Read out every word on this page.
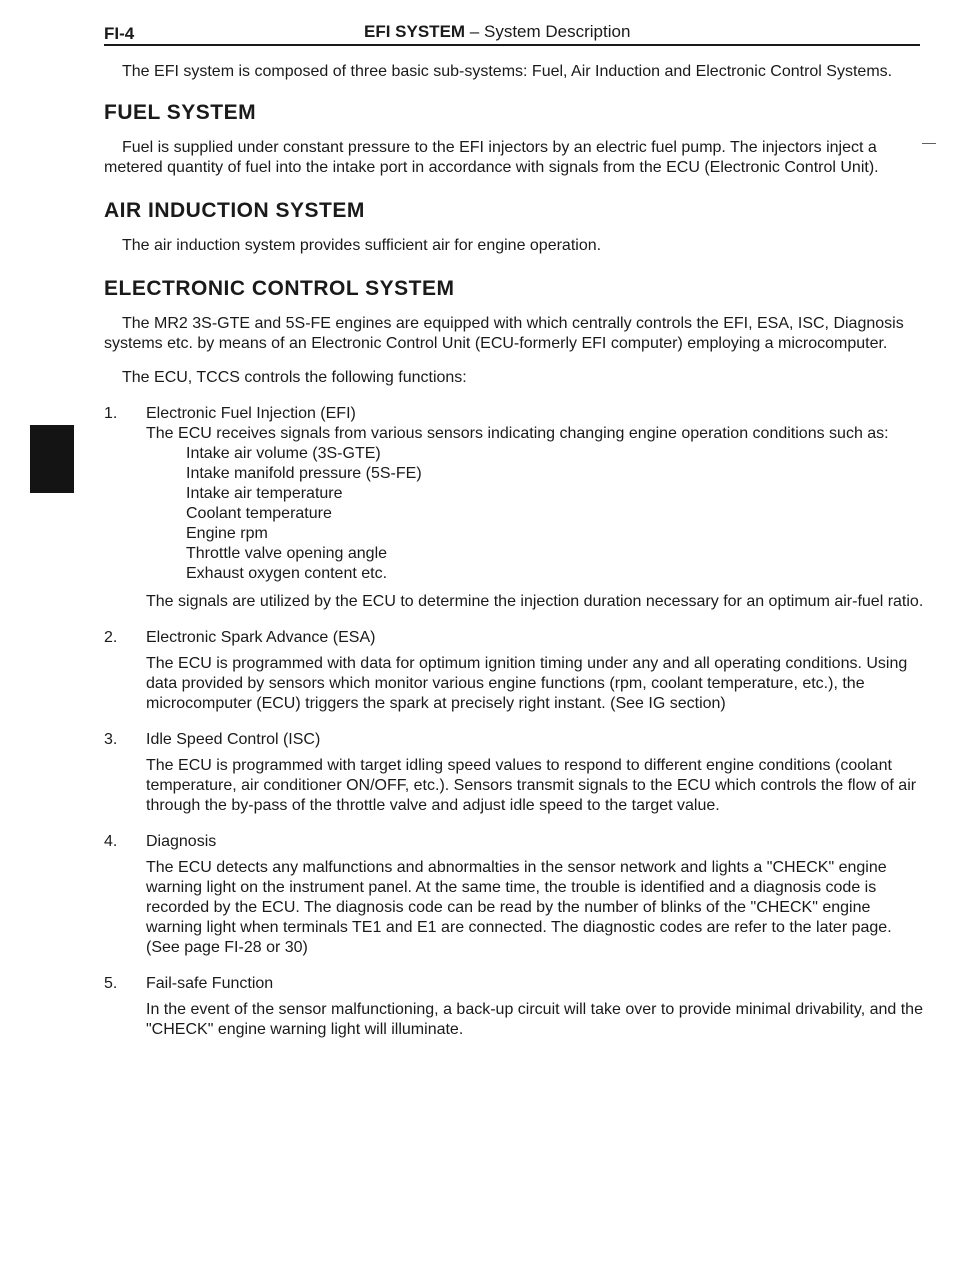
FI-4	EFI SYSTEM – System Description
—

The EFI system is composed of three basic sub-systems: Fuel, Air Induction and Electronic Control Systems.

FUEL SYSTEM

Fuel is supplied under constant pressure to the EFI injectors by an electric fuel pump. The injectors inject a metered quantity of fuel into the intake port in accordance with signals from the ECU (Electronic Control Unit).

AIR INDUCTION SYSTEM

The air induction system provides sufficient air for engine operation.

ELECTRONIC CONTROL SYSTEM

The MR2 3S-GTE and 5S-FE engines are equipped with which centrally controls the EFI, ESA, ISC, Diagnosis systems etc. by means of an Electronic Control Unit (ECU-formerly EFI computer) employing a microcomputer.

The ECU, TCCS controls the following functions:

1.	Electronic Fuel Injection (EFI)

The ECU receives signals from various sensors indicating changing engine operation conditions such as:

Intake air volume (3S-GTE)
Intake manifold pressure (5S-FE)
Intake air temperature
Coolant temperature
Engine rpm
Throttle valve opening angle
Exhaust oxygen content etc.

The signals are utilized by the ECU to determine the injection duration necessary for an optimum air-fuel ratio.

2.	Electronic Spark Advance (ESA)

The ECU is programmed with data for optimum ignition timing under any and all operating conditions. Using data provided by sensors which monitor various engine functions (rpm, coolant temperature, etc.), the microcomputer (ECU) triggers the spark at precisely right instant. (See IG section)

3.	Idle Speed Control (ISC)

The ECU is programmed with target idling speed values to respond to different engine conditions (coolant temperature, air conditioner ON/OFF, etc.). Sensors transmit signals to the ECU which controls the flow of air through the by-pass of the throttle valve and adjust idle speed to the target value.

4.	Diagnosis

The ECU detects any malfunctions and abnormalties in the sensor network and lights a "CHECK" engine warning light on the instrument panel. At the same time, the trouble is identified and a diagnosis code is recorded by the ECU. The diagnosis code can be read by the number of blinks of the "CHECK" engine warning light when terminals TE1 and E1 are connected. The diagnostic codes are refer to the later page. (See page FI-28 or 30)

5.	Fail-safe Function

In the event of the sensor malfunctioning, a back-up circuit will take over to provide minimal drivability, and the "CHECK" engine warning light will illuminate.
